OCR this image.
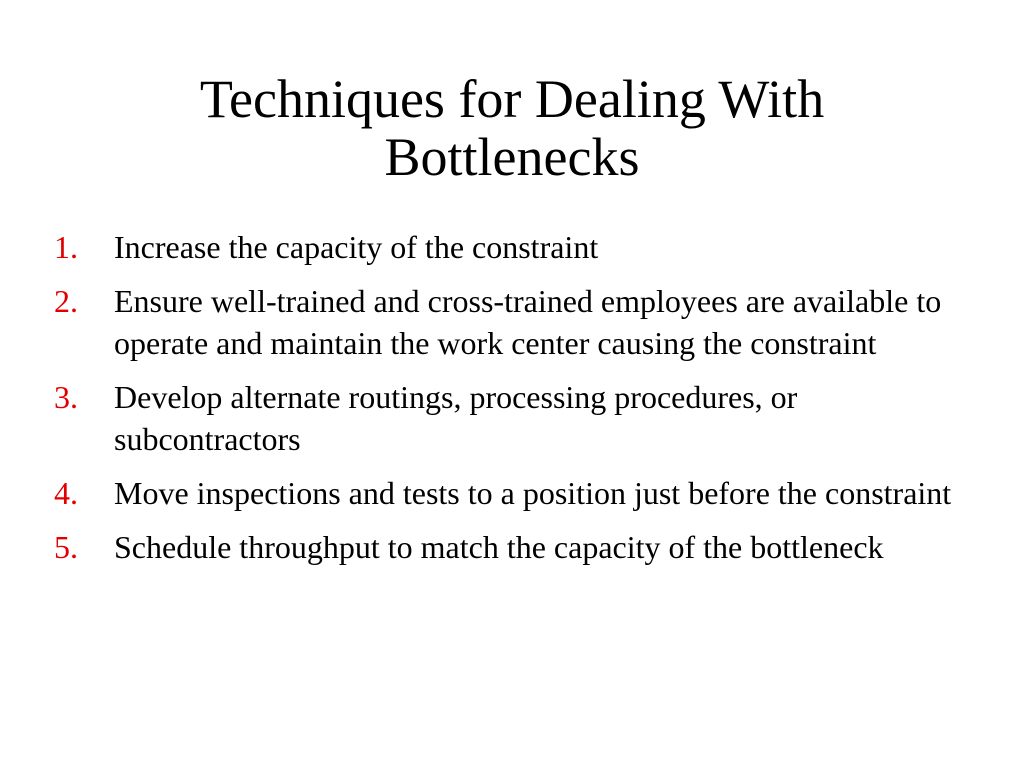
Techniques for Dealing With
Bottlenecks
1.	Increase the capacity of the constraint
2.	Ensure well-trained and cross-trained employees are available to operate and maintain the work center causing the constraint
3.	Develop alternate routings, processing procedures, or subcontractors
4.	Move inspections and tests to a position just before the constraint
5.	Schedule throughput to match the capacity of the bottleneck
